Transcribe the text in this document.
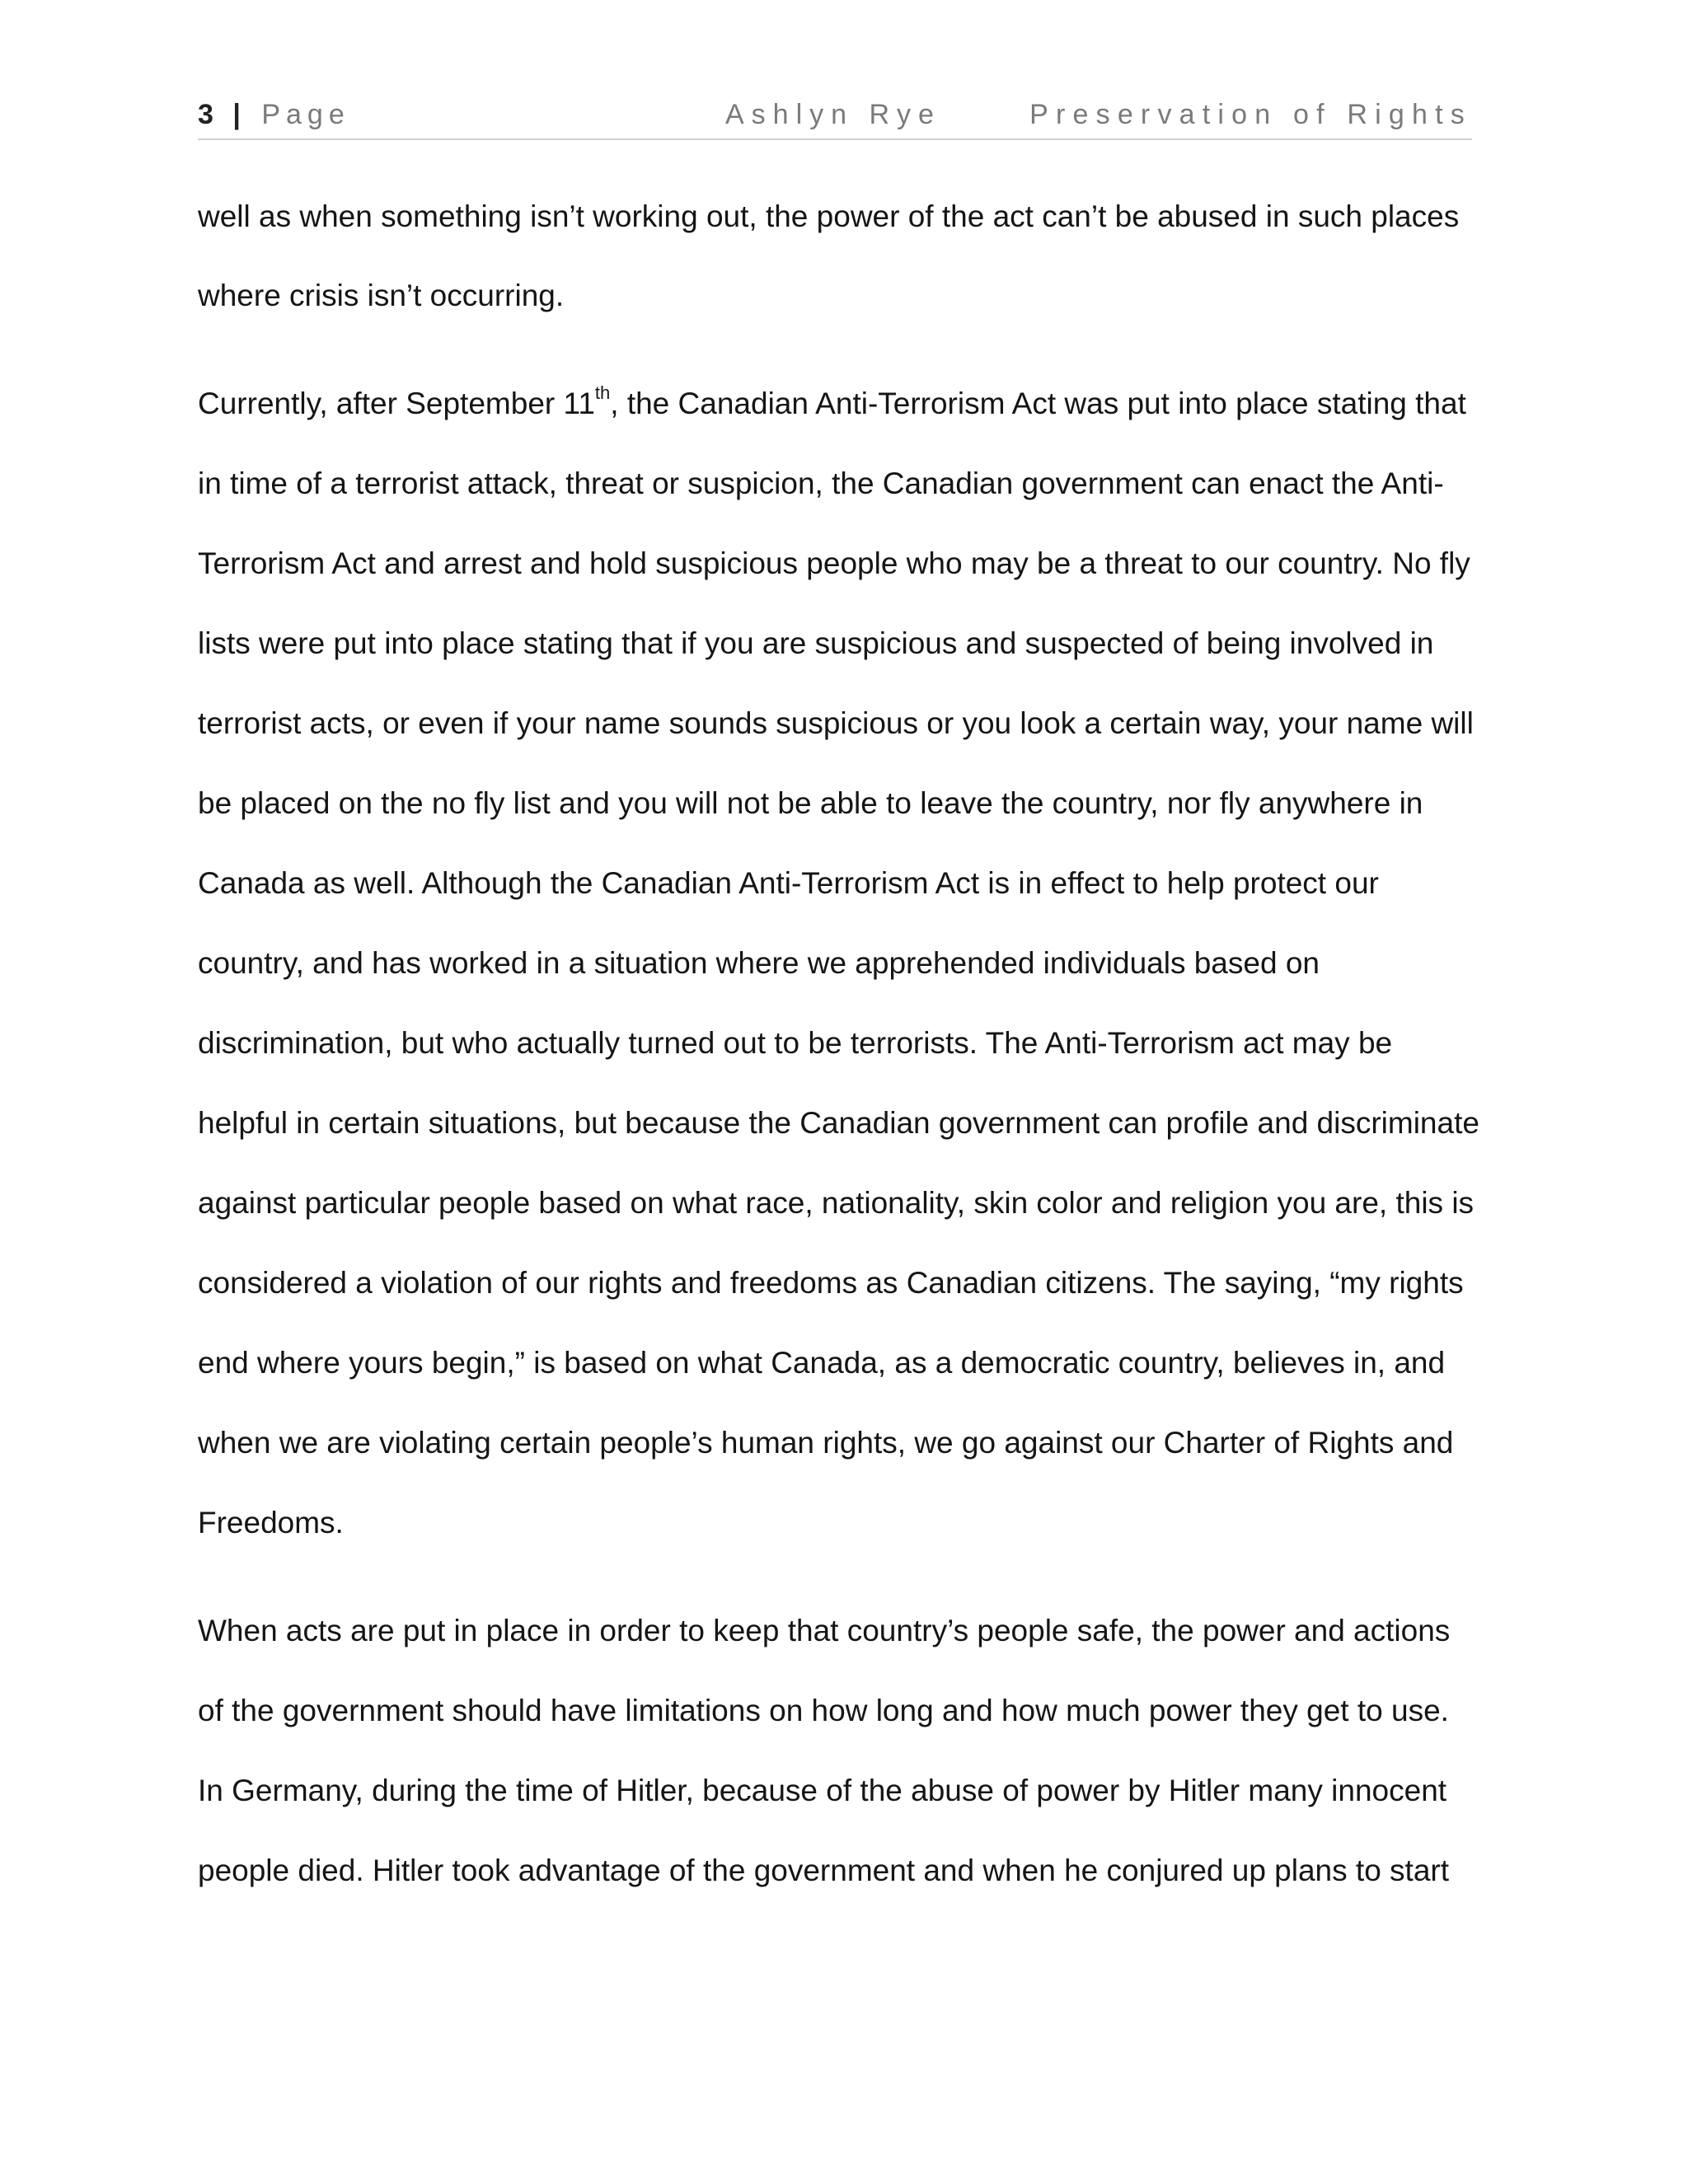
3 | Page	Ashlyn Rye	Preservation of Rights
well as when something isn’t working out, the power of the act can’t be abused in such places
where crisis isn’t occurring.
Currently, after September 11th, the Canadian Anti-Terrorism Act was put into place stating that
in time of a terrorist attack, threat or suspicion, the Canadian government can enact the Anti-
Terrorism Act and arrest and hold suspicious people who may be a threat to our country. No fly
lists were put into place stating that if you are suspicious and suspected of being involved in
terrorist acts, or even if your name sounds suspicious or you look a certain way, your name will
be placed on the no fly list and you will not be able to leave the country, nor fly anywhere in
Canada as well. Although the Canadian Anti-Terrorism Act is in effect to help protect our
country, and has worked in a situation where we apprehended individuals based on
discrimination, but who actually turned out to be terrorists. The Anti-Terrorism act may be
helpful in certain situations, but because the Canadian government can profile and discriminate
against particular people based on what race, nationality, skin color and religion you are, this is
considered a violation of our rights and freedoms as Canadian citizens. The saying, “my rights
end where yours begin,” is based on what Canada, as a democratic country, believes in, and
when we are violating certain people’s human rights, we go against our Charter of Rights and
Freedoms.
When acts are put in place in order to keep that country’s people safe, the power and actions
of the government should have limitations on how long and how much power they get to use.
In Germany, during the time of Hitler, because of the abuse of power by Hitler many innocent
people died. Hitler took advantage of the government and when he conjured up plans to start
